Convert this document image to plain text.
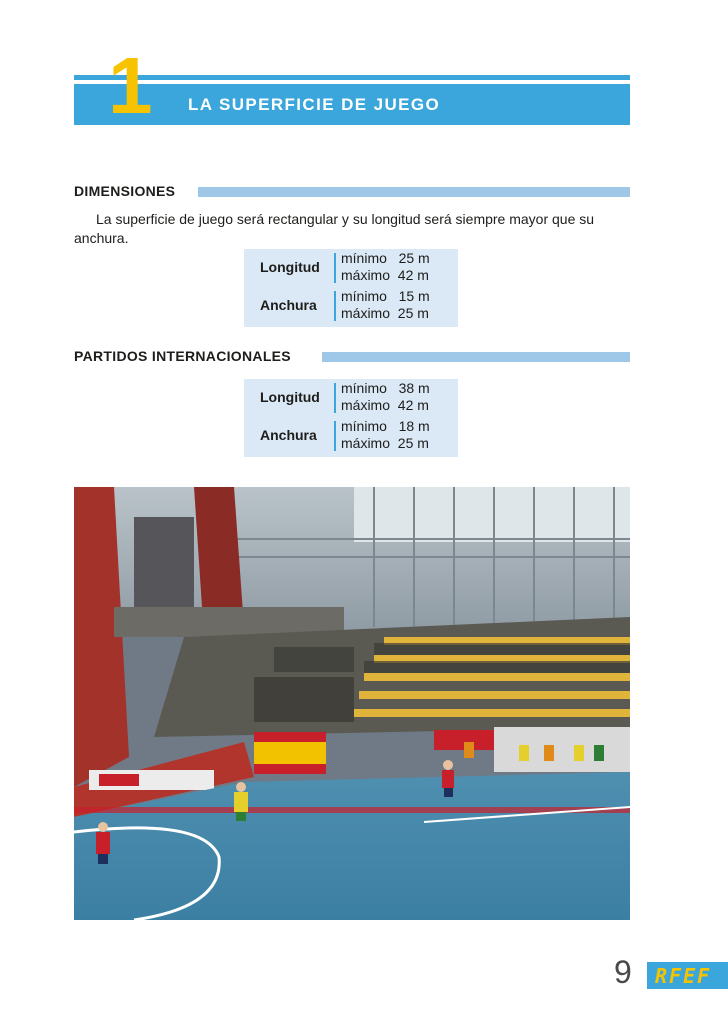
1 LA SUPERFICIE DE JUEGO
DIMENSIONES

La superficie de juego será rectangular y su longitud será siempre mayor que su anchura.

Longitud
mínimo   25 m
máximo  42 m
Anchura
mínimo   15 m
máximo  25 m
PARTIDOS INTERNACIONALES
Longitud
mínimo   38 m
máximo  42 m
Anchura
mínimo   18 m
máximo  25 m
9 RFEF
